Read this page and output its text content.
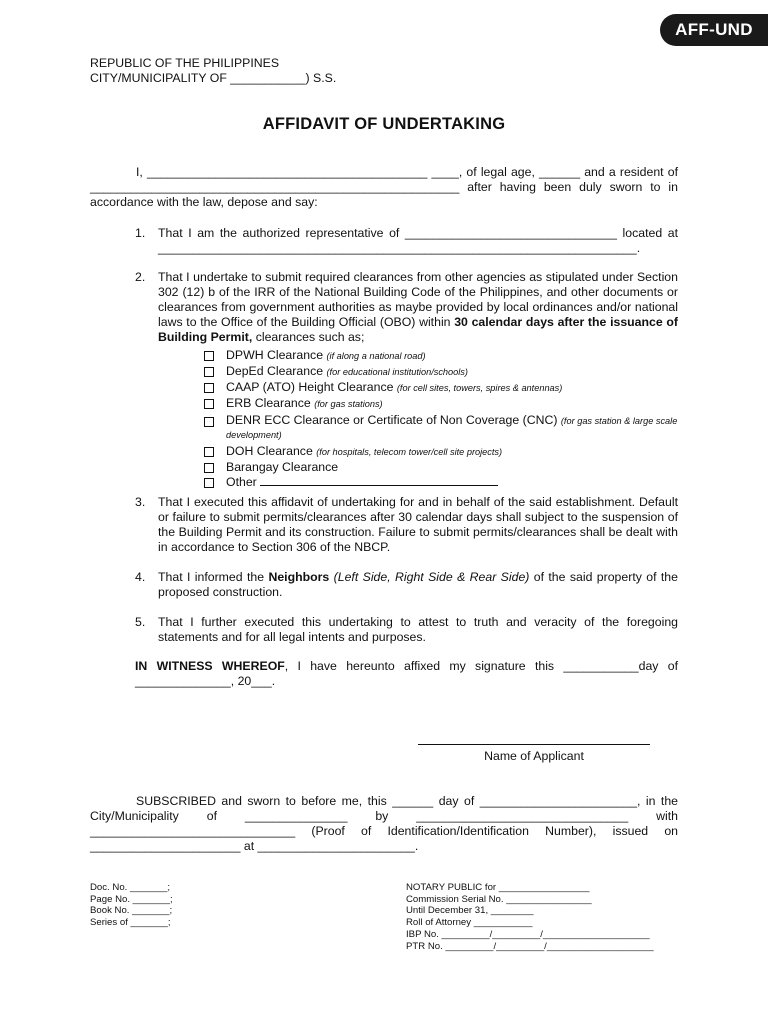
AFF-UND
REPUBLIC OF THE PHILIPPINES
CITY/MUNICIPALITY OF ___________) S.S.
AFFIDAVIT OF UNDERTAKING
I, _________________________________________ ____, of legal age, ______ and a resident of ______________________________________________________ after having been duly sworn to in accordance with the law, depose and say:
1. That I am the authorized representative of _______________________________ located at ______________________________________________________________________.
2. That I undertake to submit required clearances from other agencies as stipulated under Section 302 (12) b of the IRR of the National Building Code of the Philippines, and other documents or clearances from government authorities as maybe provided by local ordinances and/or national laws to the Office of the Building Official (OBO) within 30 calendar days after the issuance of Building Permit, clearances such as;
DPWH Clearance (if along a national road)
DepEd Clearance (for educational institution/schools)
CAAP (ATO) Height Clearance (for cell sites, towers, spires & antennas)
ERB Clearance (for gas stations)
DENR ECC Clearance or Certificate of Non Coverage (CNC) (for gas station & large scale development)
DOH Clearance (for hospitals, telecom tower/cell site projects)
Barangay Clearance
Other
3. That I executed this affidavit of undertaking for and in behalf of the said establishment. Default or failure to submit permits/clearances after 30 calendar days shall subject to the suspension of the Building Permit and its construction. Failure to submit permits/clearances shall be dealt with in accordance to Section 306 of the NBCP.
4. That I informed the Neighbors (Left Side, Right Side & Rear Side) of the said property of the proposed construction.
5. That I further executed this undertaking to attest to truth and veracity of the foregoing statements and for all legal intents and purposes.
IN WITNESS WHEREOF, I have hereunto affixed my signature this ___________day of ______________, 20___.
Name of Applicant
SUBSCRIBED and sworn to before me, this ______ day of _______________________, in the City/Municipality of _______________ by _______________________________ with ______________________________ (Proof of Identification/Identification Number), issued on ______________________ at _______________________.
Doc. No. _______;
Page No. _______;
Book No. _______;
Series of _______;
NOTARY PUBLIC for _________________
Commission Serial No. ________________
Until December 31, ________
Roll of Attorney ___________
IBP No. _________/_________/____________________
PTR No. _________/_________/____________________
